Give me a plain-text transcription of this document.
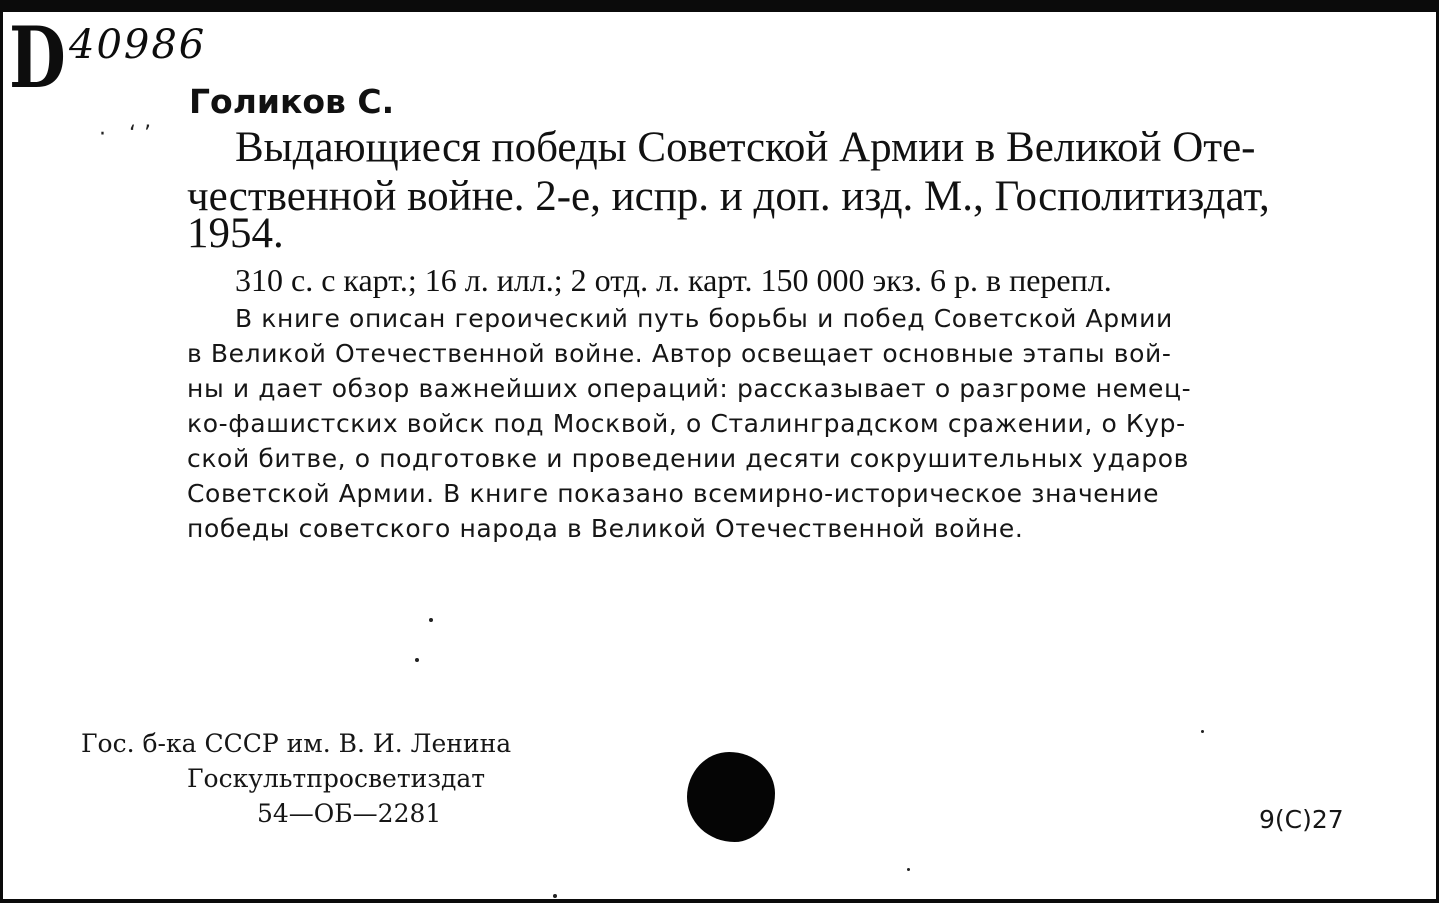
D40986
Голиков С.
· ‘’ Выдающиеся победы Советской Армии в Великой Оте-
чественной войне. 2-е, испр. и доп. изд. М., Госполитиздат,
1954.
310 с. с карт.; 16 л. илл.; 2 отд. л. карт. 150 000 экз. 6 р. в перепл.
В книге описан героический путь борьбы и побед Советской Армии
в Великой Отечественной войне. Автор освещает основные этапы вой-
ны и дает обзор важнейших операций: рассказывает о разгроме немец-
ко-фашистских войск под Москвой, о Сталинградском сражении, о Кур-
ской битве, о подготовке и проведении десяти сокрушительных ударов
Советской Армии. В книге показано всемирно-историческое значение
победы советского народа в Великой Отечественной войне.
Гос. б-ка СССР им. В. И. Ленина
Госкультпросветиздат
54—ОБ—2281	9(С)27
